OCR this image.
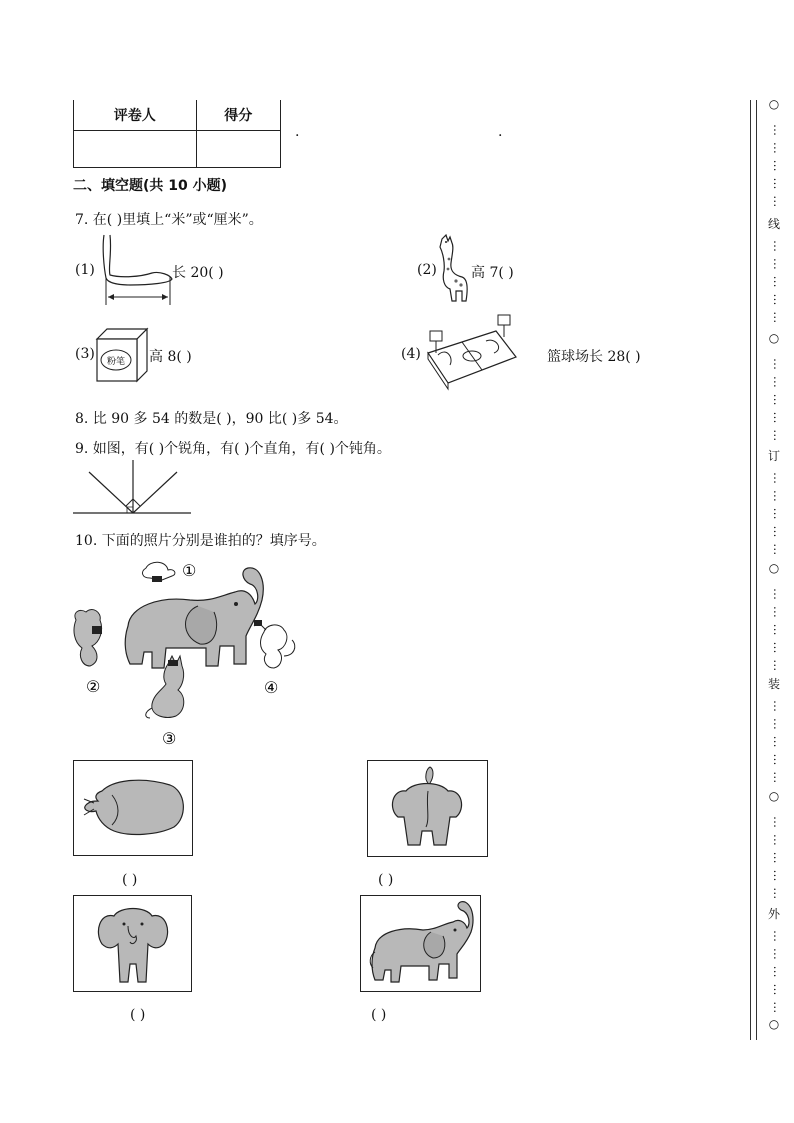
评卷人	得分

.	.
二、填空题(共 10 小题)
7. 在( )里填上“米”或“厘米”。
(1)	长 20( )	(2) 高 7( )
(3) 粉笔 高 8( )	(4)	篮球场长 28( )
8. 比 90 多 54 的数是( )，90 比( )多 54。
9. 如图，有( )个锐角，有( )个直角，有( )个钝角。
10. 下面的照片分别是谁拍的？填序号。
①
②
③
④
( )	( )
( )	( )
○
… … … … …
线
… … … … …
○
… … … … …
订
… … … … …
○
… … … … …
装
… … … … …
○
… … … … …
外
… … … … …
○
